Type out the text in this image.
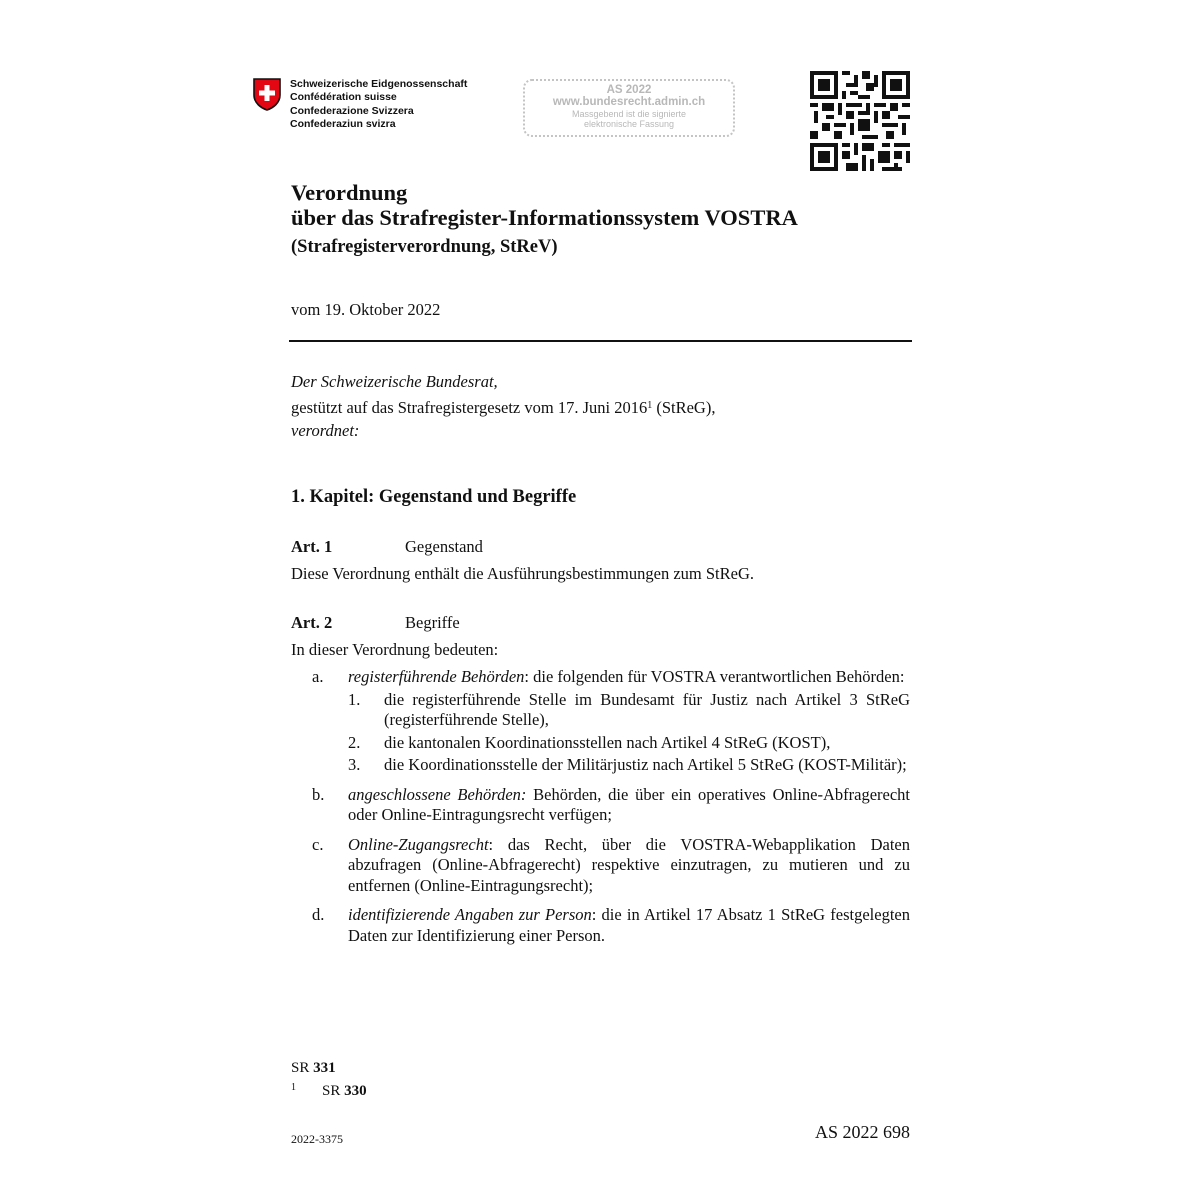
Schweizerische Eidgenossenschaft
Confédération suisse
Confederazione Svizzera
Confederaziun svizra
AS 2022
www.bundesrecht.admin.ch
Massgebend ist die signierte
elektronische Fassung
Verordnung
über das Strafregister-Informationssystem VOSTRA
(Strafregisterverordnung, StReV)
vom 19. Oktober 2022
Der Schweizerische Bundesrat,
gestützt auf das Strafregistergesetz vom 17. Juni 2016$^1$ (StReG),
verordnet:
1. Kapitel: Gegenstand und Begriffe
Art. 1	Gegenstand
Diese Verordnung enthält die Ausführungsbestimmungen zum StReG.
Art. 2	Begriffe
In dieser Verordnung bedeuten:
a.	registerführende Behörden: die folgenden für VOSTRA verantwortlichen Behörden:
1.	die registerführende Stelle im Bundesamt für Justiz nach Artikel 3 StReG (registerführende Stelle),
2.	die kantonalen Koordinationsstellen nach Artikel 4 StReG (KOST),
3.	die Koordinationsstelle der Militärjustiz nach Artikel 5 StReG (KOST-Militär);
b.	angeschlossene Behörden: Behörden, die über ein operatives Online-Abfragerecht oder Online-Eintragungsrecht verfügen;
c.	Online-Zugangsrecht: das Recht, über die VOSTRA-Webapplikation Daten abzufragen (Online-Abfragerecht) respektive einzutragen, zu mutieren und zu entfernen (Online-Eintragungsrecht);
d.	identifizierende Angaben zur Person: die in Artikel 17 Absatz 1 StReG festgelegten Daten zur Identifizierung einer Person.
SR 331
$^1$ SR 330
2022-3375	AS 2022 698
